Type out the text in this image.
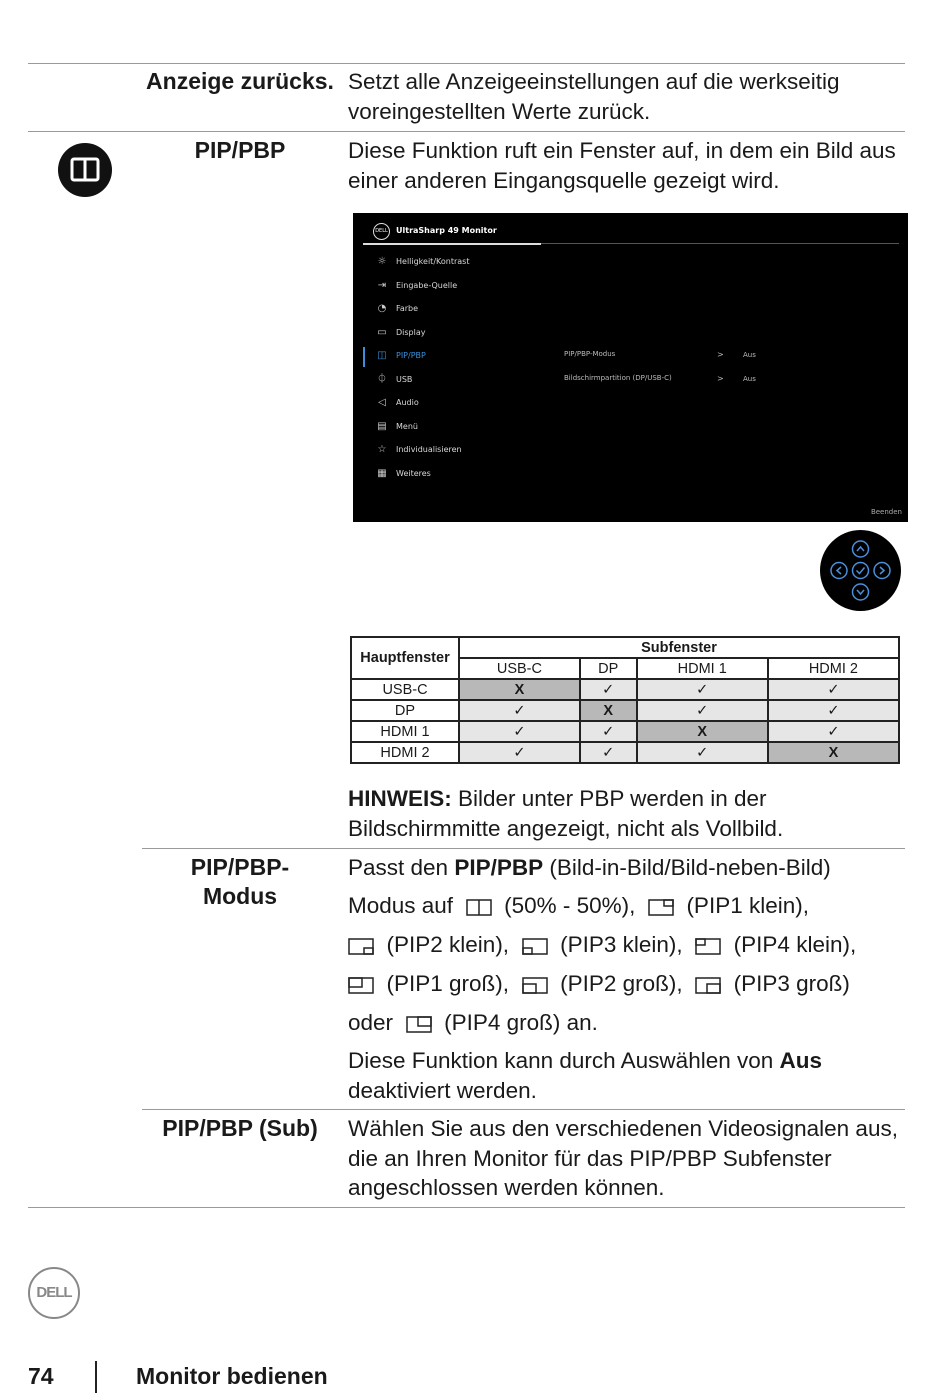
Anzeige zurücks. Setzt alle Anzeigeeinstellungen auf die werkseitig voreingestellten Werte zurück.
PIP/PBP	Diese Funktion ruft ein Fenster auf, in dem ein Bild aus einer anderen Eingangsquelle gezeigt wird.
DELL UltraSharp 49 Monitor
☼ Helligkeit/Kontrast
⇥ Eingabe-Quelle
◔ Farbe
▭ Display
◫ PIP/PBP
⏀ USB
◁ Audio
▤ Menü
☆ Individualisieren
▦ Weiteres
PIP/PBP-Modus	>	Aus
Bildschirmpartition (DP/USB-C)	>	Aus
Beenden
Hauptfenster	Subfenster			
	USB-C	DP	HDMI 1	HDMI 2
USB-C	X	✓	✓	✓
DP	✓	X	✓	✓
HDMI 1	✓	✓	X	✓
HDMI 2	✓	✓	✓	X
HINWEIS: Bilder unter PBP werden in der Bildschirmmitte angezeigt, nicht als Vollbild.
PIP/PBP-Modus
Passt den PIP/PBP (Bild-in-Bild/Bild-neben-Bild)
Modus auf (50% - 50%), (PIP1 klein),
(PIP2 klein), (PIP3 klein), (PIP4 klein),
(PIP1 groß), (PIP2 groß), (PIP3 groß)
oder (PIP4 groß) an.
Diese Funktion kann durch Auswählen von Aus
deaktiviert werden.
PIP/PBP (Sub)	Wählen Sie aus den verschiedenen Videosignalen aus, die an Ihren Monitor für das PIP/PBP Subfenster angeschlossen werden können.
DELL
74	Monitor bedienen
